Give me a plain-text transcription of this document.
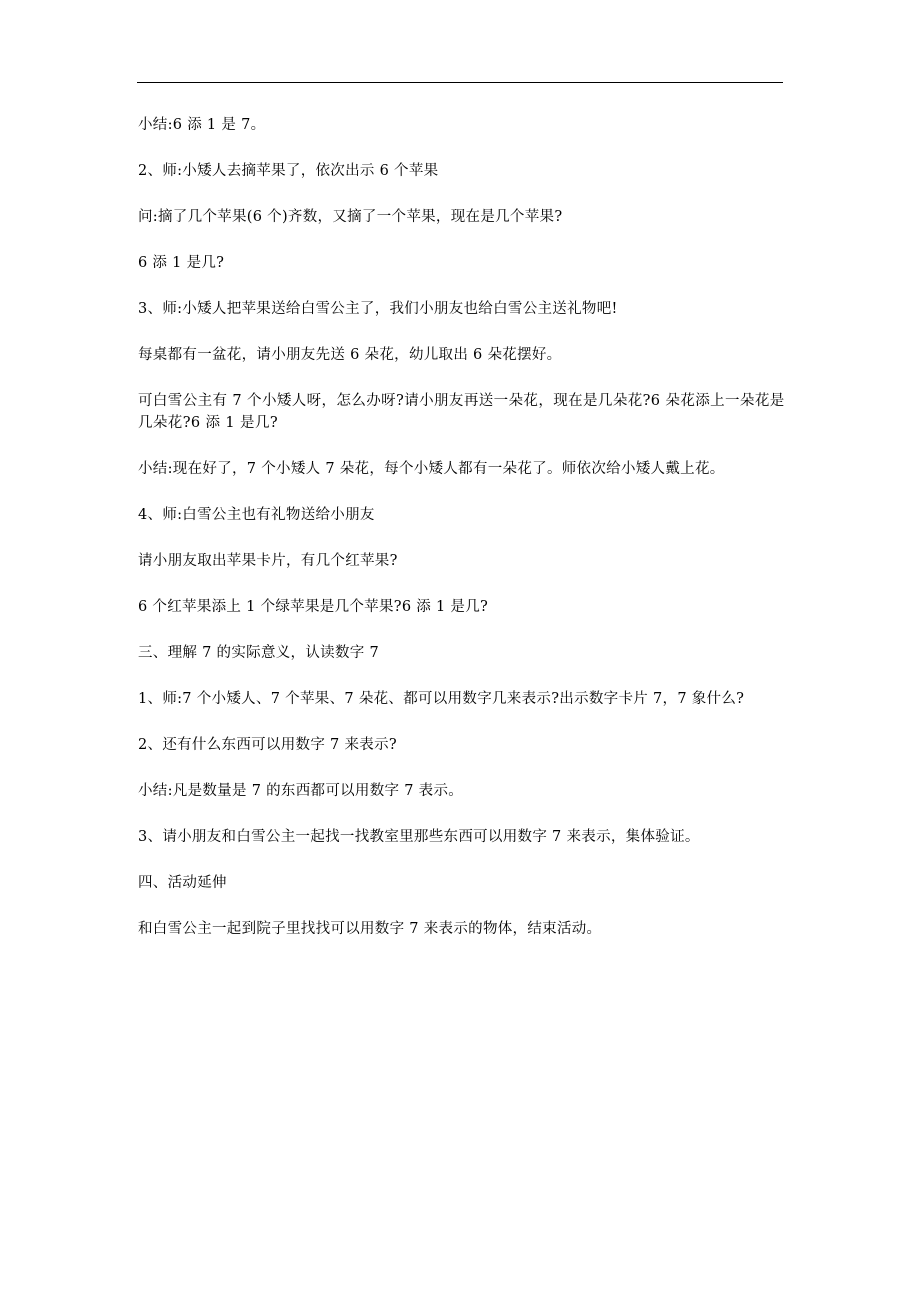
小结:6 添 1 是 7。

2、师:小矮人去摘苹果了，依次出示 6 个苹果

问:摘了几个苹果(6 个)齐数，又摘了一个苹果，现在是几个苹果?

6 添 1 是几?

3、师:小矮人把苹果送给白雪公主了，我们小朋友也给白雪公主送礼物吧!

每桌都有一盆花，请小朋友先送 6 朵花，幼儿取出 6 朵花摆好。

可白雪公主有 7 个小矮人呀，怎么办呀?请小朋友再送一朵花，现在是几朵花?6 朵花添上一朵花是几朵花?6 添 1 是几?

小结:现在好了，7 个小矮人 7 朵花，每个小矮人都有一朵花了。师依次给小矮人戴上花。

4、师:白雪公主也有礼物送给小朋友

请小朋友取出苹果卡片，有几个红苹果?

6 个红苹果添上 1 个绿苹果是几个苹果?6 添 1 是几?

三、理解 7 的实际意义，认读数字 7

1、师:7 个小矮人、7 个苹果、7 朵花、都可以用数字几来表示?出示数字卡片 7，7 象什么?

2、还有什么东西可以用数字 7 来表示?

小结:凡是数量是 7 的东西都可以用数字 7 表示。

3、请小朋友和白雪公主一起找一找教室里那些东西可以用数字 7 来表示，集体验证。

四、活动延伸

和白雪公主一起到院子里找找可以用数字 7 来表示的物体，结束活动。
